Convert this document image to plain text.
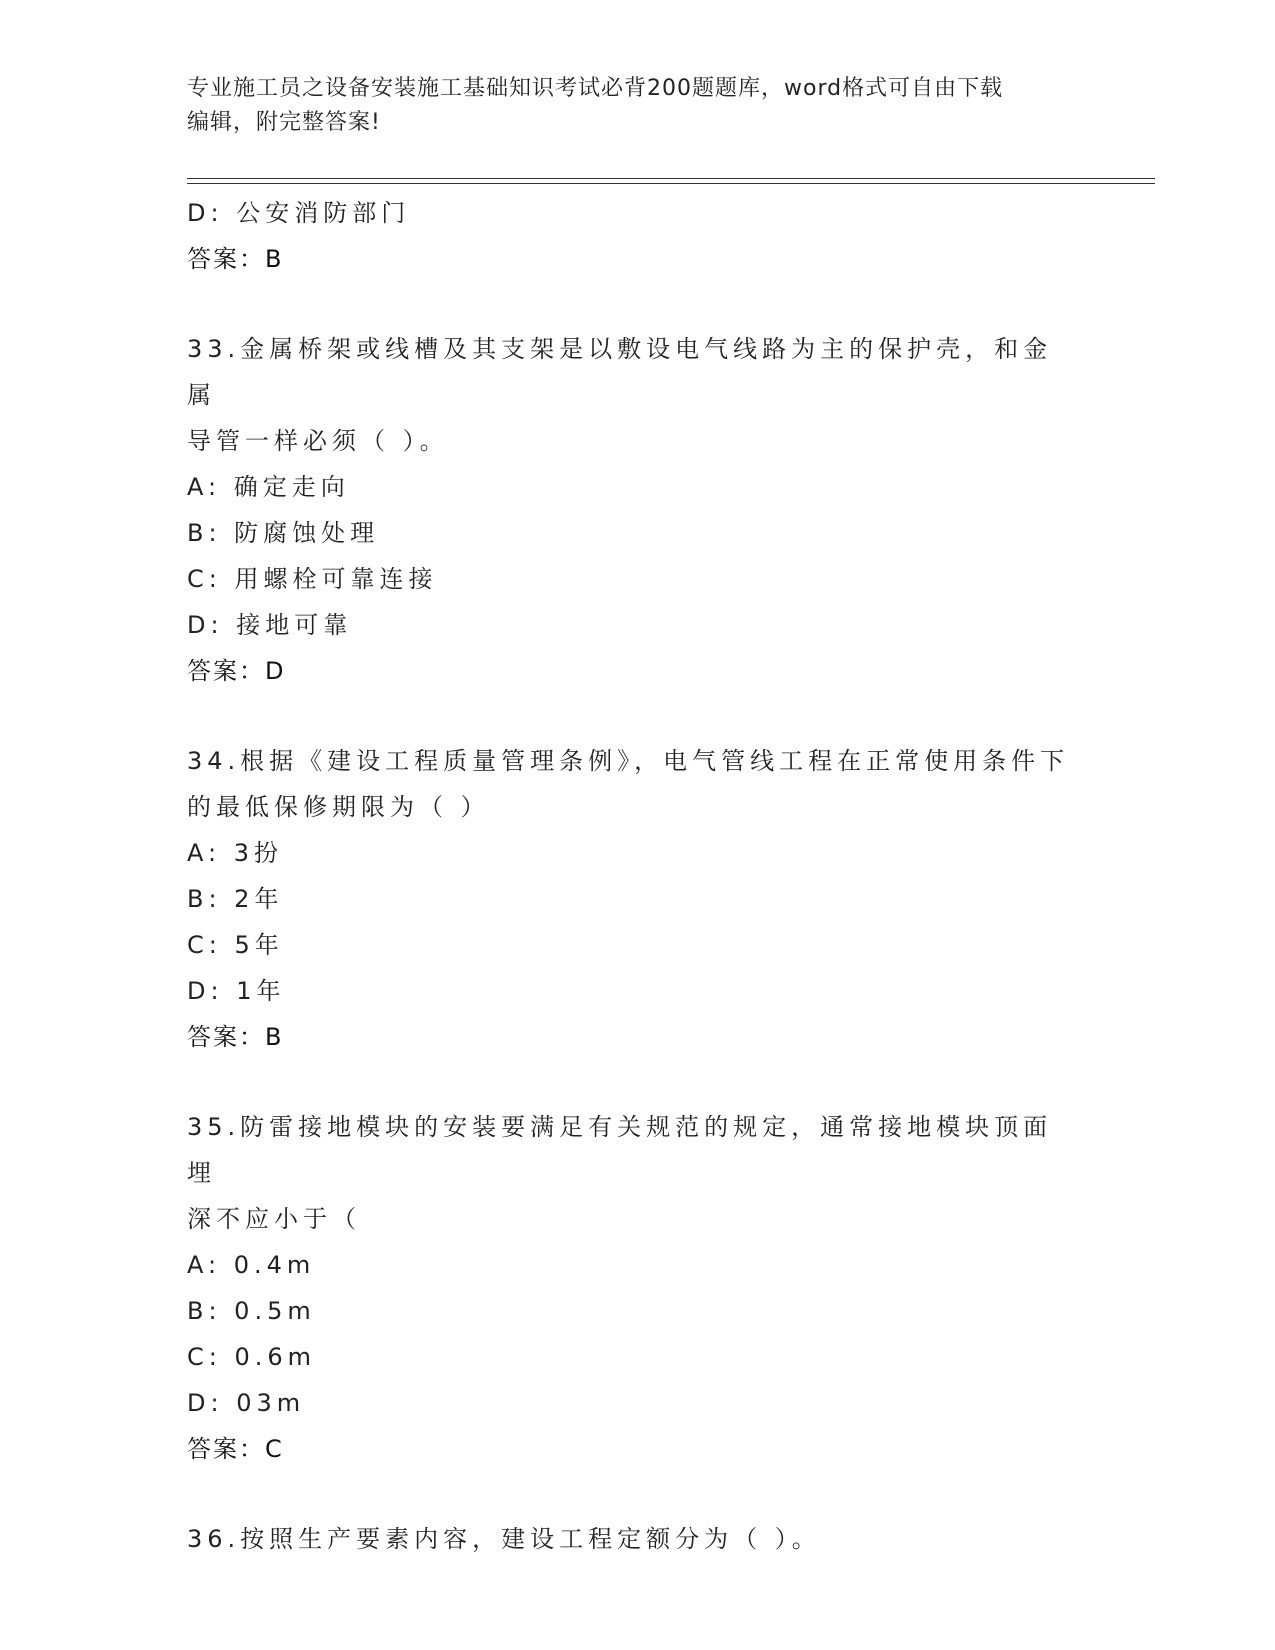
专业施工员之设备安装施工基础知识考试必背200题题库，word格式可自由下载
编辑，附完整答案!
D: 公安消防部门
答案：B
33.金属桥架或线槽及其支架是以敷设电气线路为主的保护壳，和金属
导管一样必须（ ）。
A: 确定走向
B: 防腐蚀处理
C: 用螺栓可靠连接
D: 接地可靠
答案：D
34.根据《建设工程质量管理条例》，电气管线工程在正常使用条件下
的最低保修期限为（ ）
A: 3扮
B: 2年
C: 5年
D: 1年
答案：B
35.防雷接地模块的安装要满足有关规范的规定，通常接地模块顶面埋
深不应小于（
A: 0.4m
B: 0.5m
C: 0.6m
D: 03m
答案：C
36.按照生产要素内容，建设工程定额分为（ ）。
